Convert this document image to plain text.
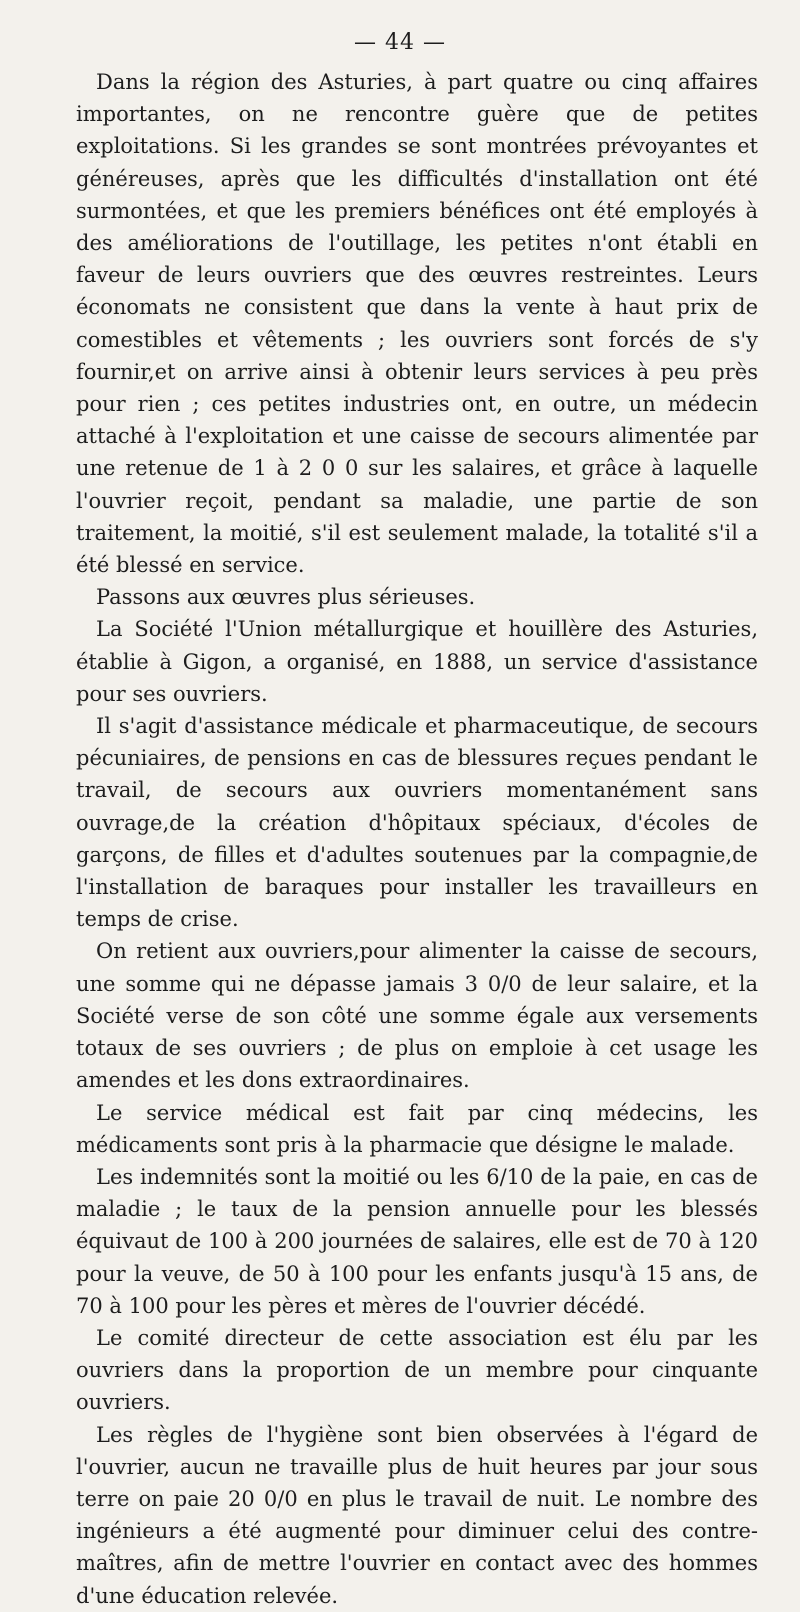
— 44 —

Dans la région des Asturies, à part quatre ou cinq affaires importantes, on ne rencontre guère que de petites exploitations. Si les grandes se sont montrées prévoyantes et généreuses, après que les difficultés d'installation ont été surmontées, et que les premiers bénéfices ont été employés à des améliorations de l'outillage, les petites n'ont établi en faveur de leurs ouvriers que des œuvres restreintes. Leurs économats ne consistent que dans la vente à haut prix de comestibles et vêtements ; les ouvriers sont forcés de s'y fournir,et on arrive ainsi à obtenir leurs services à peu près pour rien ; ces petites industries ont, en outre, un médecin attaché à l'exploitation et une caisse de secours alimentée par une retenue de 1 à 2 0 0 sur les salaires, et grâce à laquelle l'ouvrier reçoit, pendant sa maladie, une partie de son traitement, la moitié, s'il est seulement malade, la totalité s'il a été blessé en service.

Passons aux œuvres plus sérieuses.

La Société l'Union métallurgique et houillère des Asturies, établie à Gigon, a organisé, en 1888, un service d'assistance pour ses ouvriers.

Il s'agit d'assistance médicale et pharmaceutique, de secours pécuniaires, de pensions en cas de blessures reçues pendant le travail, de secours aux ouvriers momentanément sans ouvrage,de la création d'hôpitaux spéciaux, d'écoles de garçons, de filles et d'adultes soutenues par la compagnie,de l'installation de baraques pour installer les travailleurs en temps de crise.

On retient aux ouvriers,pour alimenter la caisse de secours, une somme qui ne dépasse jamais 3 0/0 de leur salaire, et la Société verse de son côté une somme égale aux versements totaux de ses ouvriers ; de plus on emploie à cet usage les amendes et les dons extraordinaires.

Le service médical est fait par cinq médecins, les médicaments sont pris à la pharmacie que désigne le malade.

Les indemnités sont la moitié ou les 6/10 de la paie, en cas de maladie ; le taux de la pension annuelle pour les blessés équivaut de 100 à 200 journées de salaires, elle est de 70 à 120 pour la veuve, de 50 à 100 pour les enfants jusqu'à 15 ans, de 70 à 100 pour les pères et mères de l'ouvrier décédé.

Le comité directeur de cette association est élu par les ouvriers dans la proportion de un membre pour cinquante ouvriers.

Les règles de l'hygiène sont bien observées à l'égard de l'ouvrier, aucun ne travaille plus de huit heures par jour sous terre on paie 20 0/0 en plus le travail de nuit. Le nombre des ingénieurs a été augmenté pour diminuer celui des contre-maîtres, afin de mettre l'ouvrier en contact avec des hommes d'une éducation relevée.
